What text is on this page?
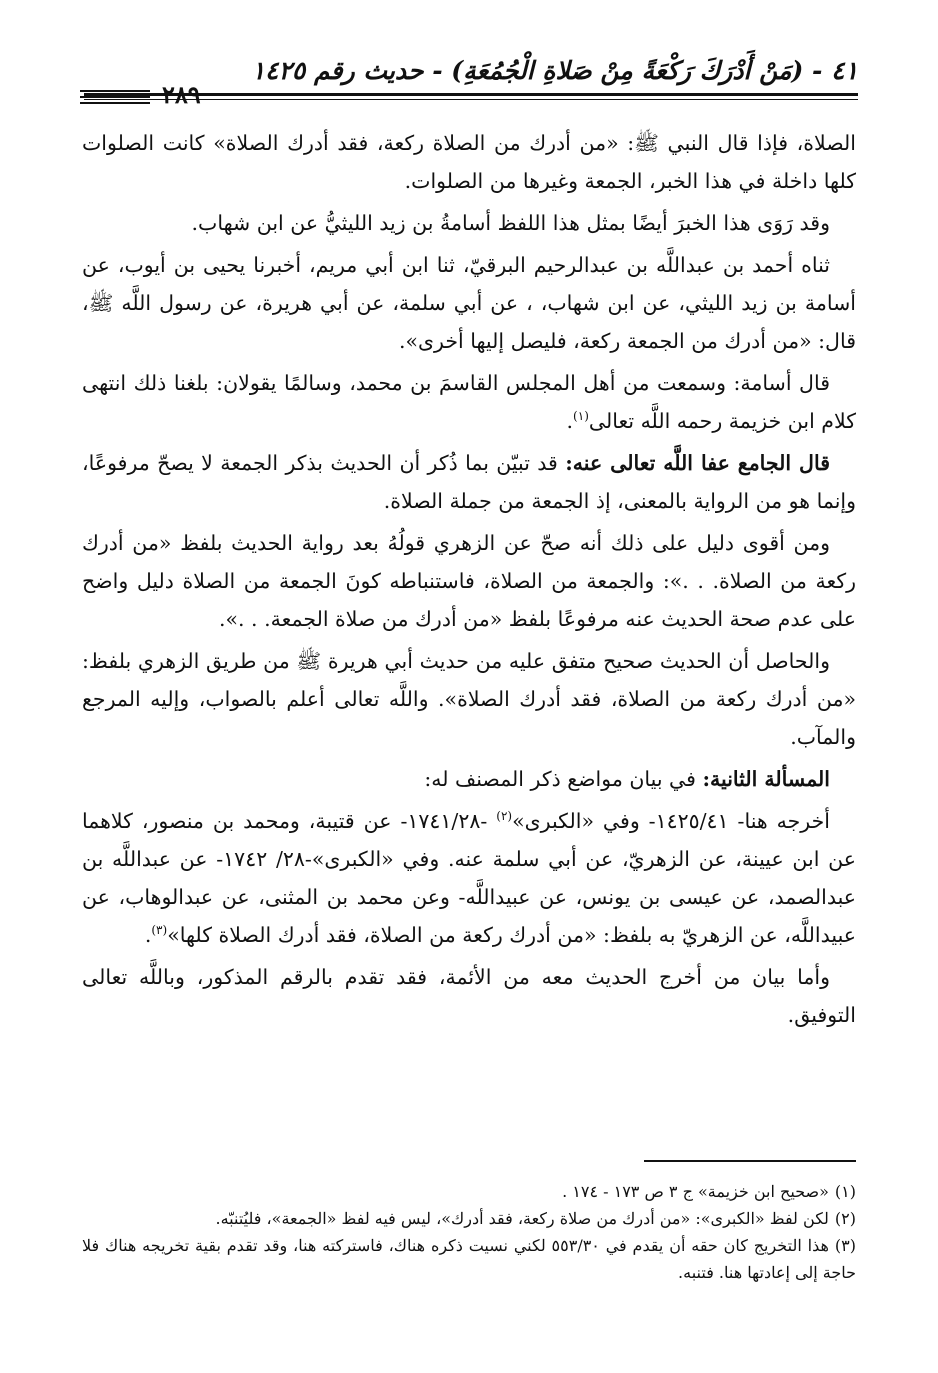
٤١ - (مَنْ أَدْرَكَ رَكْعَةً مِنْ صَلاةِ الْجُمُعَةِ) - حديث رقم ١٤٢٥
٢٨٩

الصلاة، فإذا قال النبي ﷺ: «من أدرك من الصلاة ركعة، فقد أدرك الصلاة» كانت الصلوات كلها داخلة في هذا الخبر، الجمعة وغيرها من الصلوات.

وقد رَوَى هذا الخبرَ أيضًا بمثل هذا اللفظ أسامةُ بن زيد الليثيُّ عن ابن شهاب.

ثناه أحمد بن عبداللَّه بن عبدالرحيم البرقيّ، ثنا ابن أبي مريم، أخبرنا يحيى بن أيوب، عن أسامة بن زيد الليثي، عن ابن شهاب، ، عن أبي سلمة، عن أبي هريرة، عن رسول اللَّه ﷺ، قال: «من أدرك من الجمعة ركعة، فليصل إليها أخرى».

قال أسامة: وسمعت من أهل المجلس القاسمَ بن محمد، وسالمًا يقولان: بلغنا ذلك انتهى كلام ابن خزيمة رحمه اللَّه تعالى$^{(١)}$.

قال الجامع عفا اللَّه تعالى عنه: قد تبيّن بما ذُكر أن الحديث بذكر الجمعة لا يصحّ مرفوعًا، وإنما هو من الرواية بالمعنى، إذ الجمعة من جملة الصلاة.

ومن أقوى دليل على ذلك أنه صحّ عن الزهري قولُهُ بعد رواية الحديث بلفظ «من أدرك ركعة من الصلاة. . .»: والجمعة من الصلاة، فاستنباطه كونَ الجمعة من الصلاة دليل واضح على عدم صحة الحديث عنه مرفوعًا بلفظ «من أدرك من صلاة الجمعة. . .».

والحاصل أن الحديث صحيح متفق عليه من حديث أبي هريرة ﷺ من طريق الزهري بلفظ: «من أدرك ركعة من الصلاة، فقد أدرك الصلاة». واللَّه تعالى أعلم بالصواب، وإليه المرجع والمآب.

المسألة الثانية: في بيان مواضع ذكر المصنف له:

أخرجه هنا- ١٤٢٥/٤١- وفي «الكبرى»$^{(٢)}$ -١٧٤١/٢٨- عن قتيبة، ومحمد بن منصور، كلاهما عن ابن عيينة، عن الزهريّ، عن أبي سلمة عنه. وفي «الكبرى»-٢٨/ ١٧٤٢- عن عبداللَّه بن عبدالصمد، عن عيسى بن يونس، عن عبيداللَّه- وعن محمد بن المثنى، عن عبدالوهاب، عن عبيداللَّه، عن الزهريّ به بلفظ: «من أدرك ركعة من الصلاة، فقد أدرك الصلاة كلها»$^{(٣)}$.

وأما بيان من أخرج الحديث معه من الأئمة، فقد تقدم بالرقم المذكور، وباللَّه تعالى التوفيق.

(١)«صحيح ابن خزيمة» ج ٣ ص ١٧٣ - ١٧٤ .

(٢)لكن لفظ «الكبرى»: «من أدرك من صلاة ركعة، فقد أدرك»، ليس فيه لفظ «الجمعة»، فليُتنبّه.

(٣)هذا التخريج كان حقه أن يقدم في ٥٥٣/٣٠ لكني نسيت ذكره هناك، فاستركته هنا، وقد تقدم بقية تخريجه هناك فلا حاجة إلى إعادتها هنا. فتنبه.
